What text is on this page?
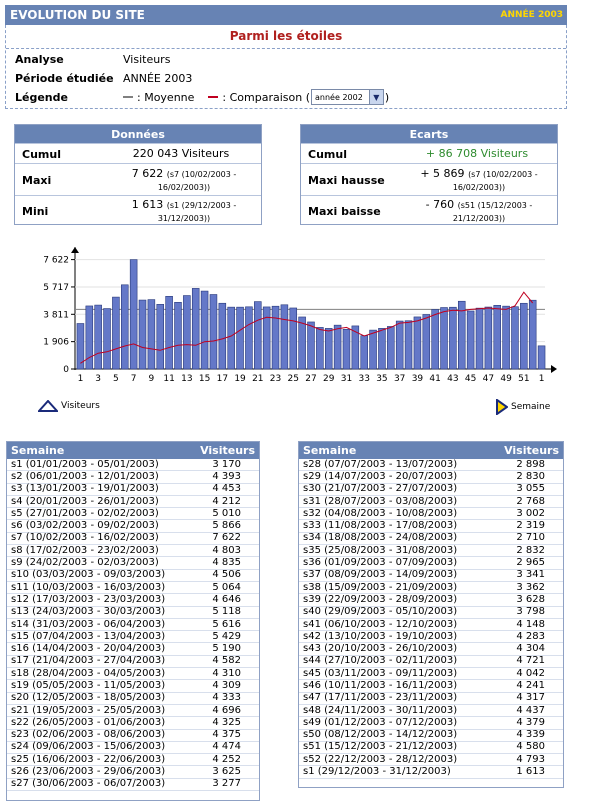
EVOLUTION DU SITE	ANNÉE 2003
Parmi les étoiles
Analyse	Visiteurs
Période étudiée ANNÉE 2003
Légende	: Moyenne	: Comparaison ( année 2002	▼ )
Données
Cumul	220 043 Visiteurs
Maxi
7 622 (s7 (10/02/2003 - 16/02/2003))
Mini
1 613 (s1 (29/12/2003 - 31/12/2003))
Ecarts
Cumul	+ 86 708 Visiteurs
Maxi hausse
+ 5 869 (s7 (10/02/2003 - 16/02/2003))
Maxi baisse
- 760 (s51 (15/12/2003 - 21/12/2003))
7 622
5 717
3 811
1 906
0
1 3 5 7 9 11 13 15 17 19 21 23 25 27 29 31 33 35 37 39 41 43 45 47 49 51 1
Visiteurs	Semaine
Semaine	Visiteurs
s1 (01/01/2003 - 05/01/2003)	3 170
s2 (06/01/2003 - 12/01/2003)	4 393
s3 (13/01/2003 - 19/01/2003)	4 453
s4 (20/01/2003 - 26/01/2003)	4 212
s5 (27/01/2003 - 02/02/2003)	5 010
s6 (03/02/2003 - 09/02/2003)	5 866
s7 (10/02/2003 - 16/02/2003)	7 622
s8 (17/02/2003 - 23/02/2003)	4 803
s9 (24/02/2003 - 02/03/2003)	4 835
s10 (03/03/2003 - 09/03/2003)	4 506
s11 (10/03/2003 - 16/03/2003)	5 064
s12 (17/03/2003 - 23/03/2003)	4 646
s13 (24/03/2003 - 30/03/2003)	5 118
s14 (31/03/2003 - 06/04/2003)	5 616
s15 (07/04/2003 - 13/04/2003)	5 429
s16 (14/04/2003 - 20/04/2003)	5 190
s17 (21/04/2003 - 27/04/2003)	4 582
s18 (28/04/2003 - 04/05/2003)	4 310
s19 (05/05/2003 - 11/05/2003)	4 309
s20 (12/05/2003 - 18/05/2003)	4 333
s21 (19/05/2003 - 25/05/2003)	4 696
s22 (26/05/2003 - 01/06/2003)	4 325
s23 (02/06/2003 - 08/06/2003)	4 375
s24 (09/06/2003 - 15/06/2003)	4 474
s25 (16/06/2003 - 22/06/2003)	4 252
s26 (23/06/2003 - 29/06/2003)	3 625
s27 (30/06/2003 - 06/07/2003)	3 277
Semaine	Visiteurs
s28 (07/07/2003 - 13/07/2003)	2 898
s29 (14/07/2003 - 20/07/2003)	2 830
s30 (21/07/2003 - 27/07/2003)	3 055
s31 (28/07/2003 - 03/08/2003)	2 768
s32 (04/08/2003 - 10/08/2003)	3 002
s33 (11/08/2003 - 17/08/2003)	2 319
s34 (18/08/2003 - 24/08/2003)	2 710
s35 (25/08/2003 - 31/08/2003)	2 832
s36 (01/09/2003 - 07/09/2003)	2 965
s37 (08/09/2003 - 14/09/2003)	3 341
s38 (15/09/2003 - 21/09/2003)	3 362
s39 (22/09/2003 - 28/09/2003)	3 628
s40 (29/09/2003 - 05/10/2003)	3 798
s41 (06/10/2003 - 12/10/2003)	4 148
s42 (13/10/2003 - 19/10/2003)	4 283
s43 (20/10/2003 - 26/10/2003)	4 304
s44 (27/10/2003 - 02/11/2003)	4 721
s45 (03/11/2003 - 09/11/2003)	4 042
s46 (10/11/2003 - 16/11/2003)	4 241
s47 (17/11/2003 - 23/11/2003)	4 317
s48 (24/11/2003 - 30/11/2003)	4 437
s49 (01/12/2003 - 07/12/2003)	4 379
s50 (08/12/2003 - 14/12/2003)	4 339
s51 (15/12/2003 - 21/12/2003)	4 580
s52 (22/12/2003 - 28/12/2003)	4 793
s1 (29/12/2003 - 31/12/2003)	1 613
